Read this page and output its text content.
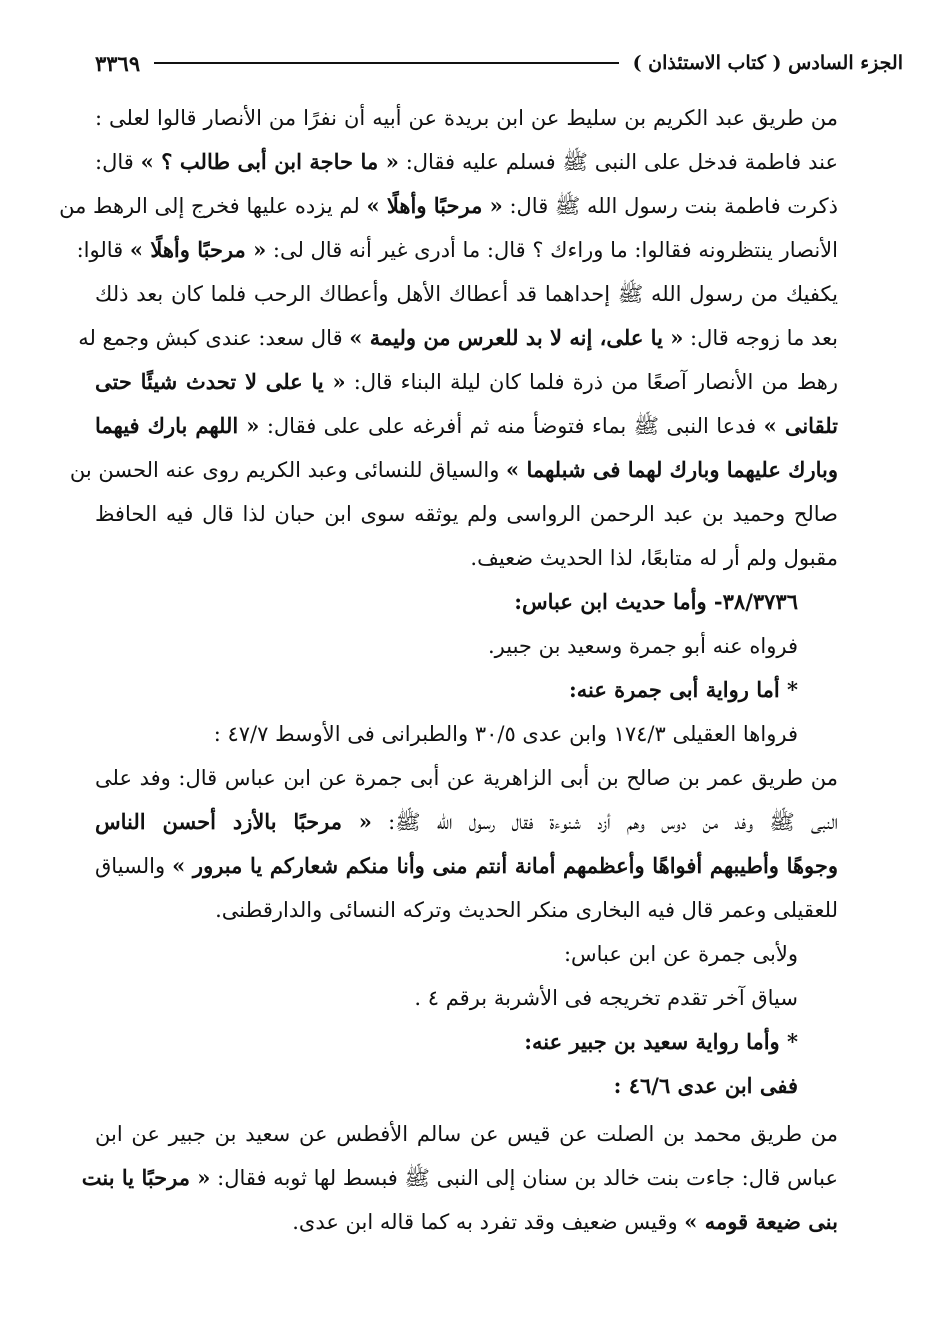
الجزء السادس ( كتاب الاستئذان )
٣٣٦٩
من طريق عبد الكريم بن سليط عن ابن بريدة عن أبيه أن نفرًا من الأنصار قالوا لعلى :
عند فاطمة فدخل على النبى ﷺ فسلم عليه فقال: « ما حاجة ابن أبى طالب ؟ » قال:
ذكرت فاطمة بنت رسول الله ﷺ قال: « مرحبًا وأهلًا » لم يزده عليها فخرج إلى الرهط من
الأنصار ينتظرونه فقالوا: ما وراءك ؟ قال: ما أدرى غير أنه قال لى: « مرحبًا وأهلًا » قالوا:
يكفيك من رسول الله ﷺ إحداهما قد أعطاك الأهل وأعطاك الرحب فلما كان بعد ذلك
بعد ما زوجه قال: « يا على، إنه لا بد للعرس من وليمة » قال سعد: عندى كبش وجمع له
رهط من الأنصار آصعًا من ذرة فلما كان ليلة البناء قال: « يا على لا تحدث شيئًا حتى
تلقانى » فدعا النبى ﷺ بماء فتوضأ منه ثم أفرغه على على فقال: « اللهم بارك فيهما
وبارك عليهما وبارك لهما فى شبلهما » والسياق للنسائى وعبد الكريم روى عنه الحسن بن
صالح وحميد بن عبد الرحمن الرواسى ولم يوثقه سوى ابن حبان لذا قال فيه الحافظ
مقبول ولم أر له متابعًا، لذا الحديث ضعيف.
٣٨/٣٧٣٦- وأما حديث ابن عباس:
فرواه عنه أبو جمرة وسعيد بن جبير.
* أما رواية أبى جمرة عنه:
فرواها العقيلى ١٧٤/٣ وابن عدى ٣٠/٥ والطبرانى فى الأوسط ٤٧/٧ :
من طريق عمر بن صالح بن أبى الزاهرية عن أبى جمرة عن ابن عباس قال: وفد على
النبى ﷺ وفد من دوس وهم أزد شنوءة فقال رسول الله ﷺ: « مرحبًا بالأزد أحسن الناس
وجوهًا وأطيبهم أفواهًا وأعظمهم أمانة أنتم منى وأنا منكم شعاركم يا مبرور » والسياق
للعقيلى وعمر قال فيه البخارى منكر الحديث وتركه النسائى والدارقطنى.
ولأبى جمرة عن ابن عباس:
سياق آخر تقدم تخريجه فى الأشربة برقم ٤ .
* وأما رواية سعيد بن جبير عنه:
ففى ابن عدى ٤٦/٦ :
من طريق محمد بن الصلت عن قيس عن سالم الأفطس عن سعيد بن جبير عن ابن
عباس قال: جاءت بنت خالد بن سنان إلى النبى ﷺ فبسط لها ثوبه فقال: « مرحبًا يا بنت
بنى ضيعة قومه » وقيس ضعيف وقد تفرد به كما قاله ابن عدى.
